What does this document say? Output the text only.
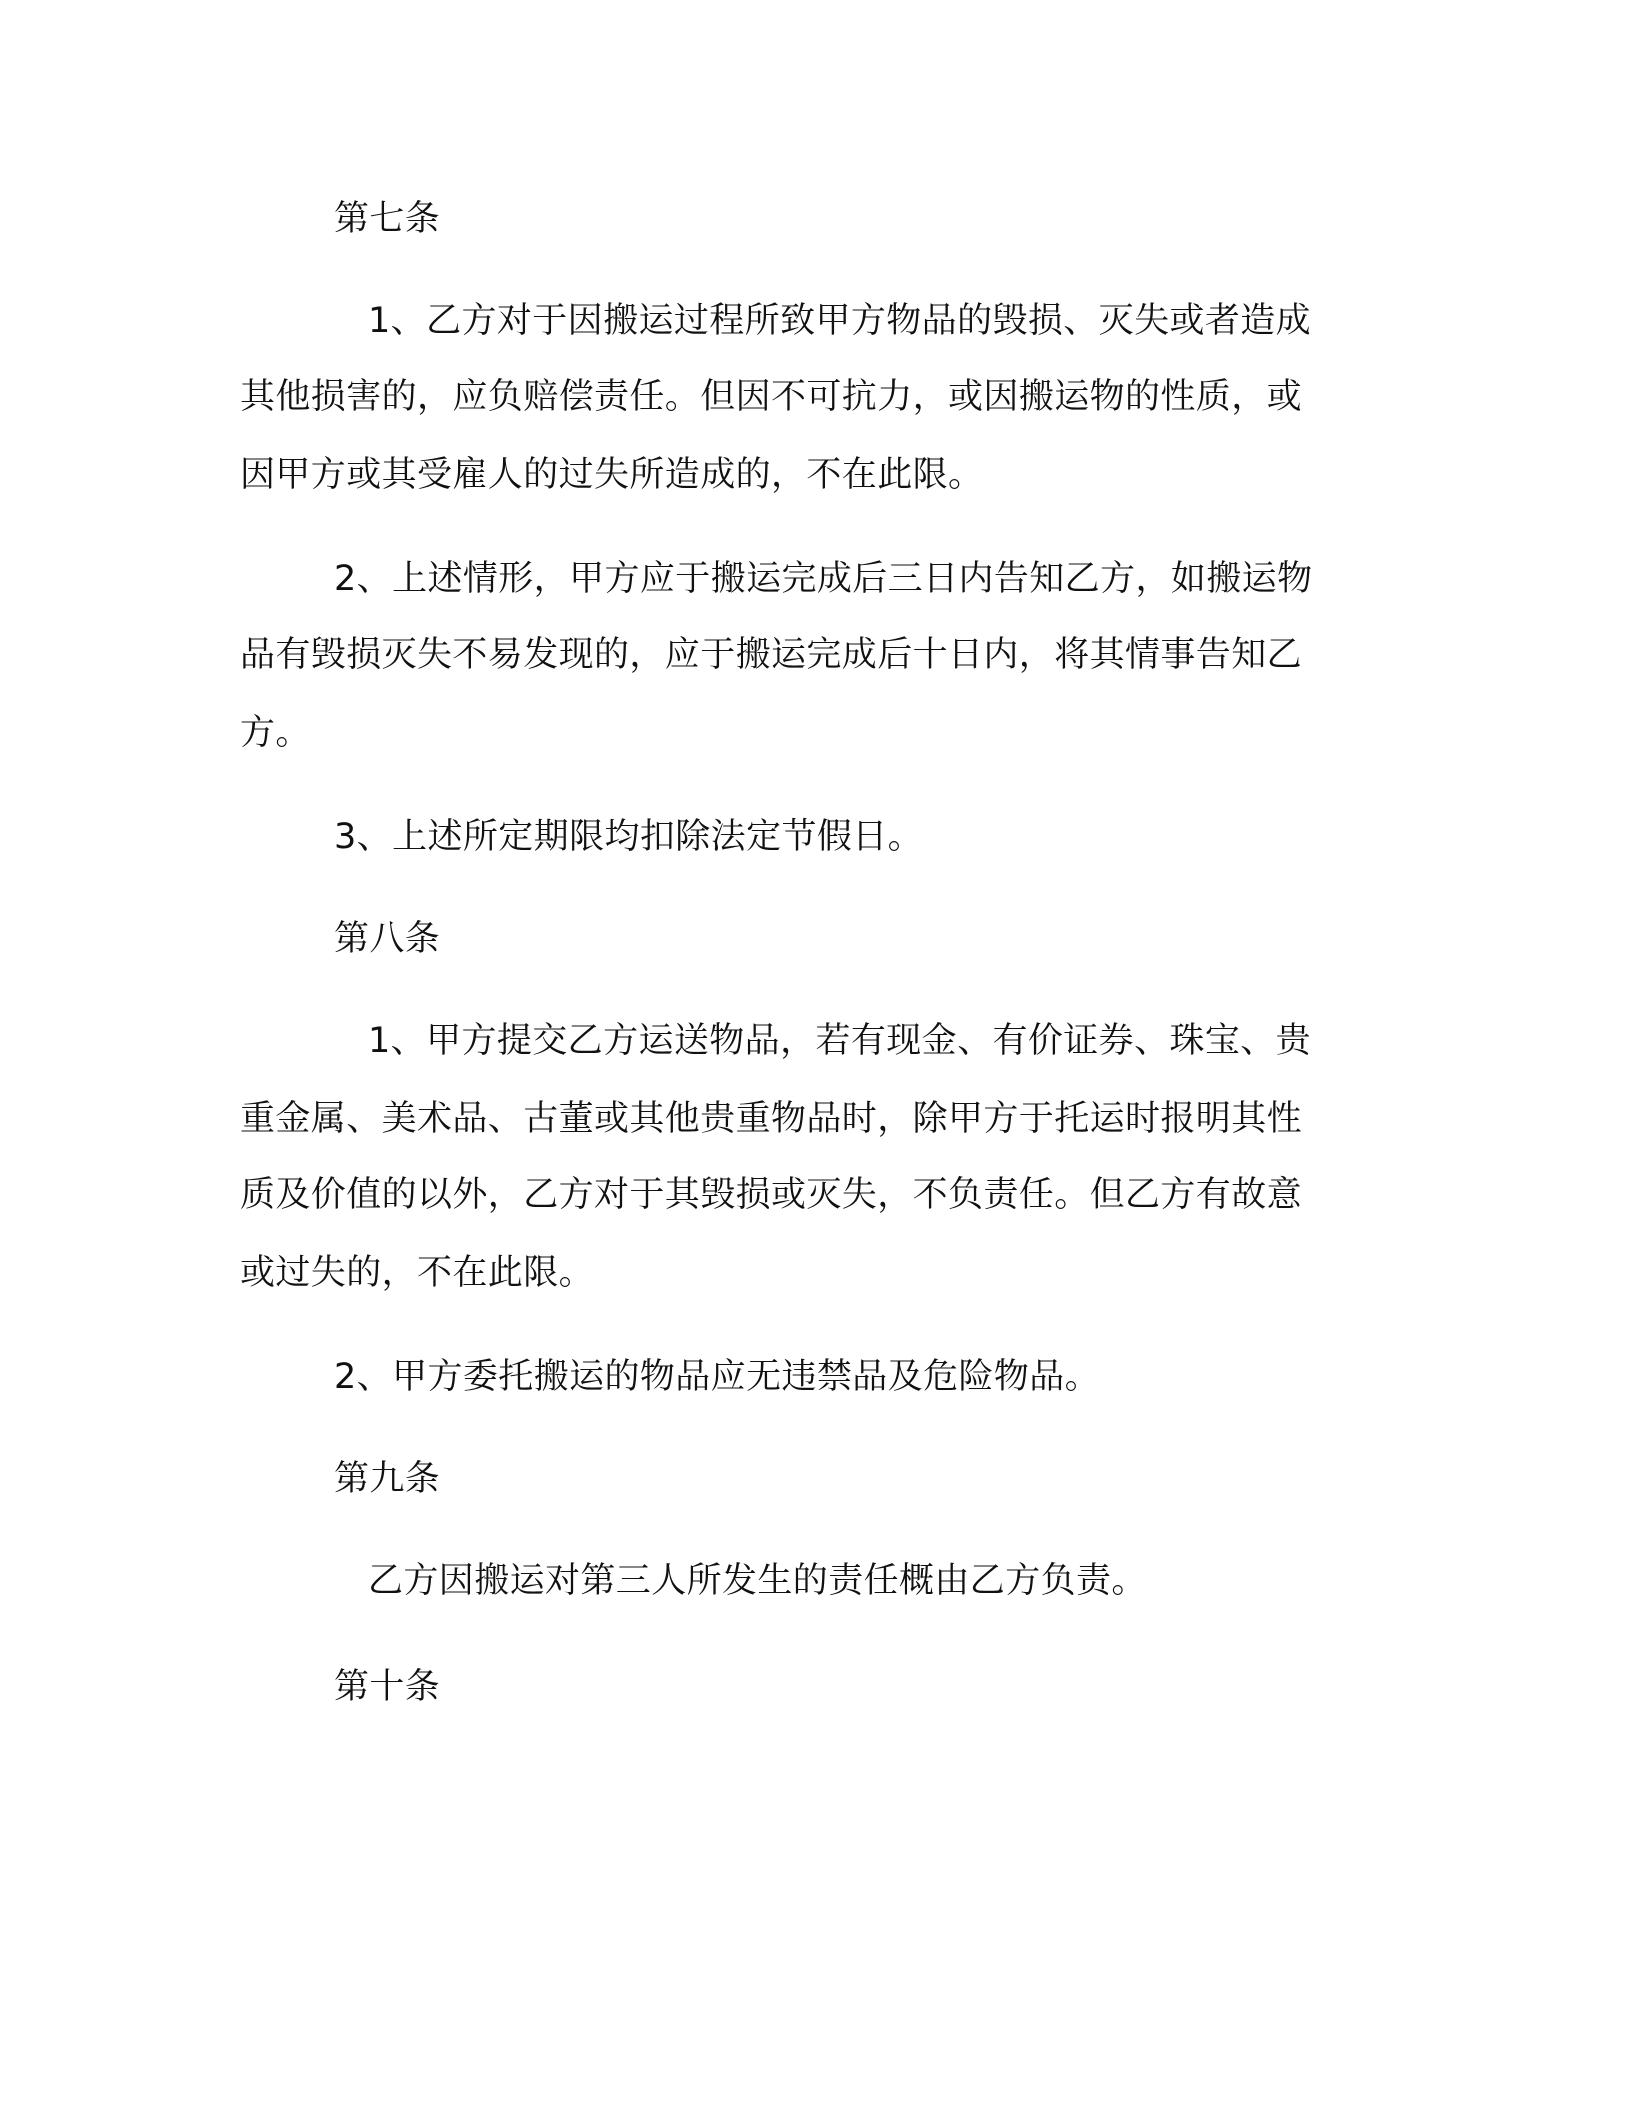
第七条

1、乙方对于因搬运过程所致甲方物品的毁损、灭失或者造成

其他损害的，应负赔偿责任。但因不可抗力，或因搬运物的性质，或

因甲方或其受雇人的过失所造成的，不在此限。

2、上述情形，甲方应于搬运完成后三日内告知乙方，如搬运物

品有毁损灭失不易发现的，应于搬运完成后十日内，将其情事告知乙

方。

3、上述所定期限均扣除法定节假日。

第八条

1、甲方提交乙方运送物品，若有现金、有价证券、珠宝、贵

重金属、美术品、古董或其他贵重物品时，除甲方于托运时报明其性

质及价值的以外，乙方对于其毁损或灭失，不负责任。但乙方有故意

或过失的，不在此限。

2、甲方委托搬运的物品应无违禁品及危险物品。

第九条

乙方因搬运对第三人所发生的责任概由乙方负责。

第十条
